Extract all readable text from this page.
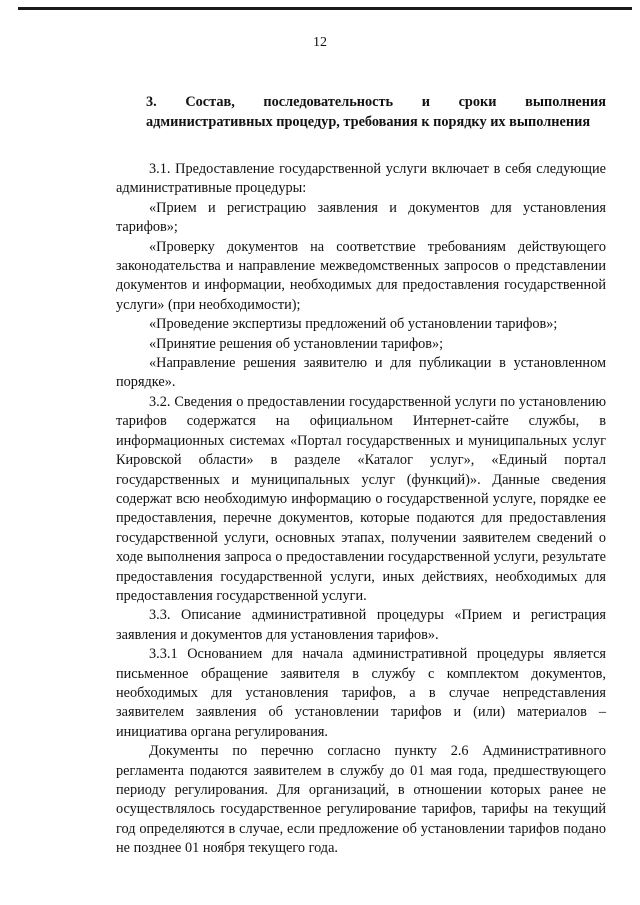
12

3. Состав, последовательность и сроки выполнения административных процедур, требования к порядку их выполнения

3.1. Предоставление государственной услуги включает в себя следующие административные процедуры:

«Прием и регистрацию заявления и документов для установления тарифов»;

«Проверку документов на соответствие требованиям действующего законодательства и направление межведомственных запросов о представлении документов и информации, необходимых для предоставления государственной услуги» (при необходимости);

«Проведение экспертизы предложений об установлении тарифов»;

«Принятие решения об установлении тарифов»;

«Направление решения заявителю и для публикации в установленном порядке».

3.2. Сведения о предоставлении государственной услуги по установлению тарифов содержатся на официальном Интернет-сайте службы, в информационных системах «Портал государственных и муниципальных услуг Кировской области» в разделе «Каталог услуг», «Единый портал государственных и муниципальных услуг (функций)». Данные сведения содержат всю необходимую информацию о государственной услуге, порядке ее предоставления, перечне документов, которые подаются для предоставления государственной услуги, основных этапах, получении заявителем сведений о ходе выполнения запроса о предоставлении государственной услуги, результате предоставления государственной услуги, иных действиях, необходимых для предоставления государственной услуги.

3.3. Описание административной процедуры «Прием и регистрация заявления и документов для установления тарифов».

3.3.1 Основанием для начала административной процедуры является письменное обращение заявителя в службу с комплектом документов, необходимых для установления тарифов, а в случае непредставления заявителем заявления об установлении тарифов и (или) материалов – инициатива органа регулирования.

Документы по перечню согласно пункту 2.6 Административного регламента подаются заявителем в службу до 01 мая года, предшествующего периоду регулирования. Для организаций, в отношении которых ранее не осуществлялось государственное регулирование тарифов, тарифы на текущий год определяются в случае, если предложение об установлении тарифов подано не позднее 01 ноября текущего года.
